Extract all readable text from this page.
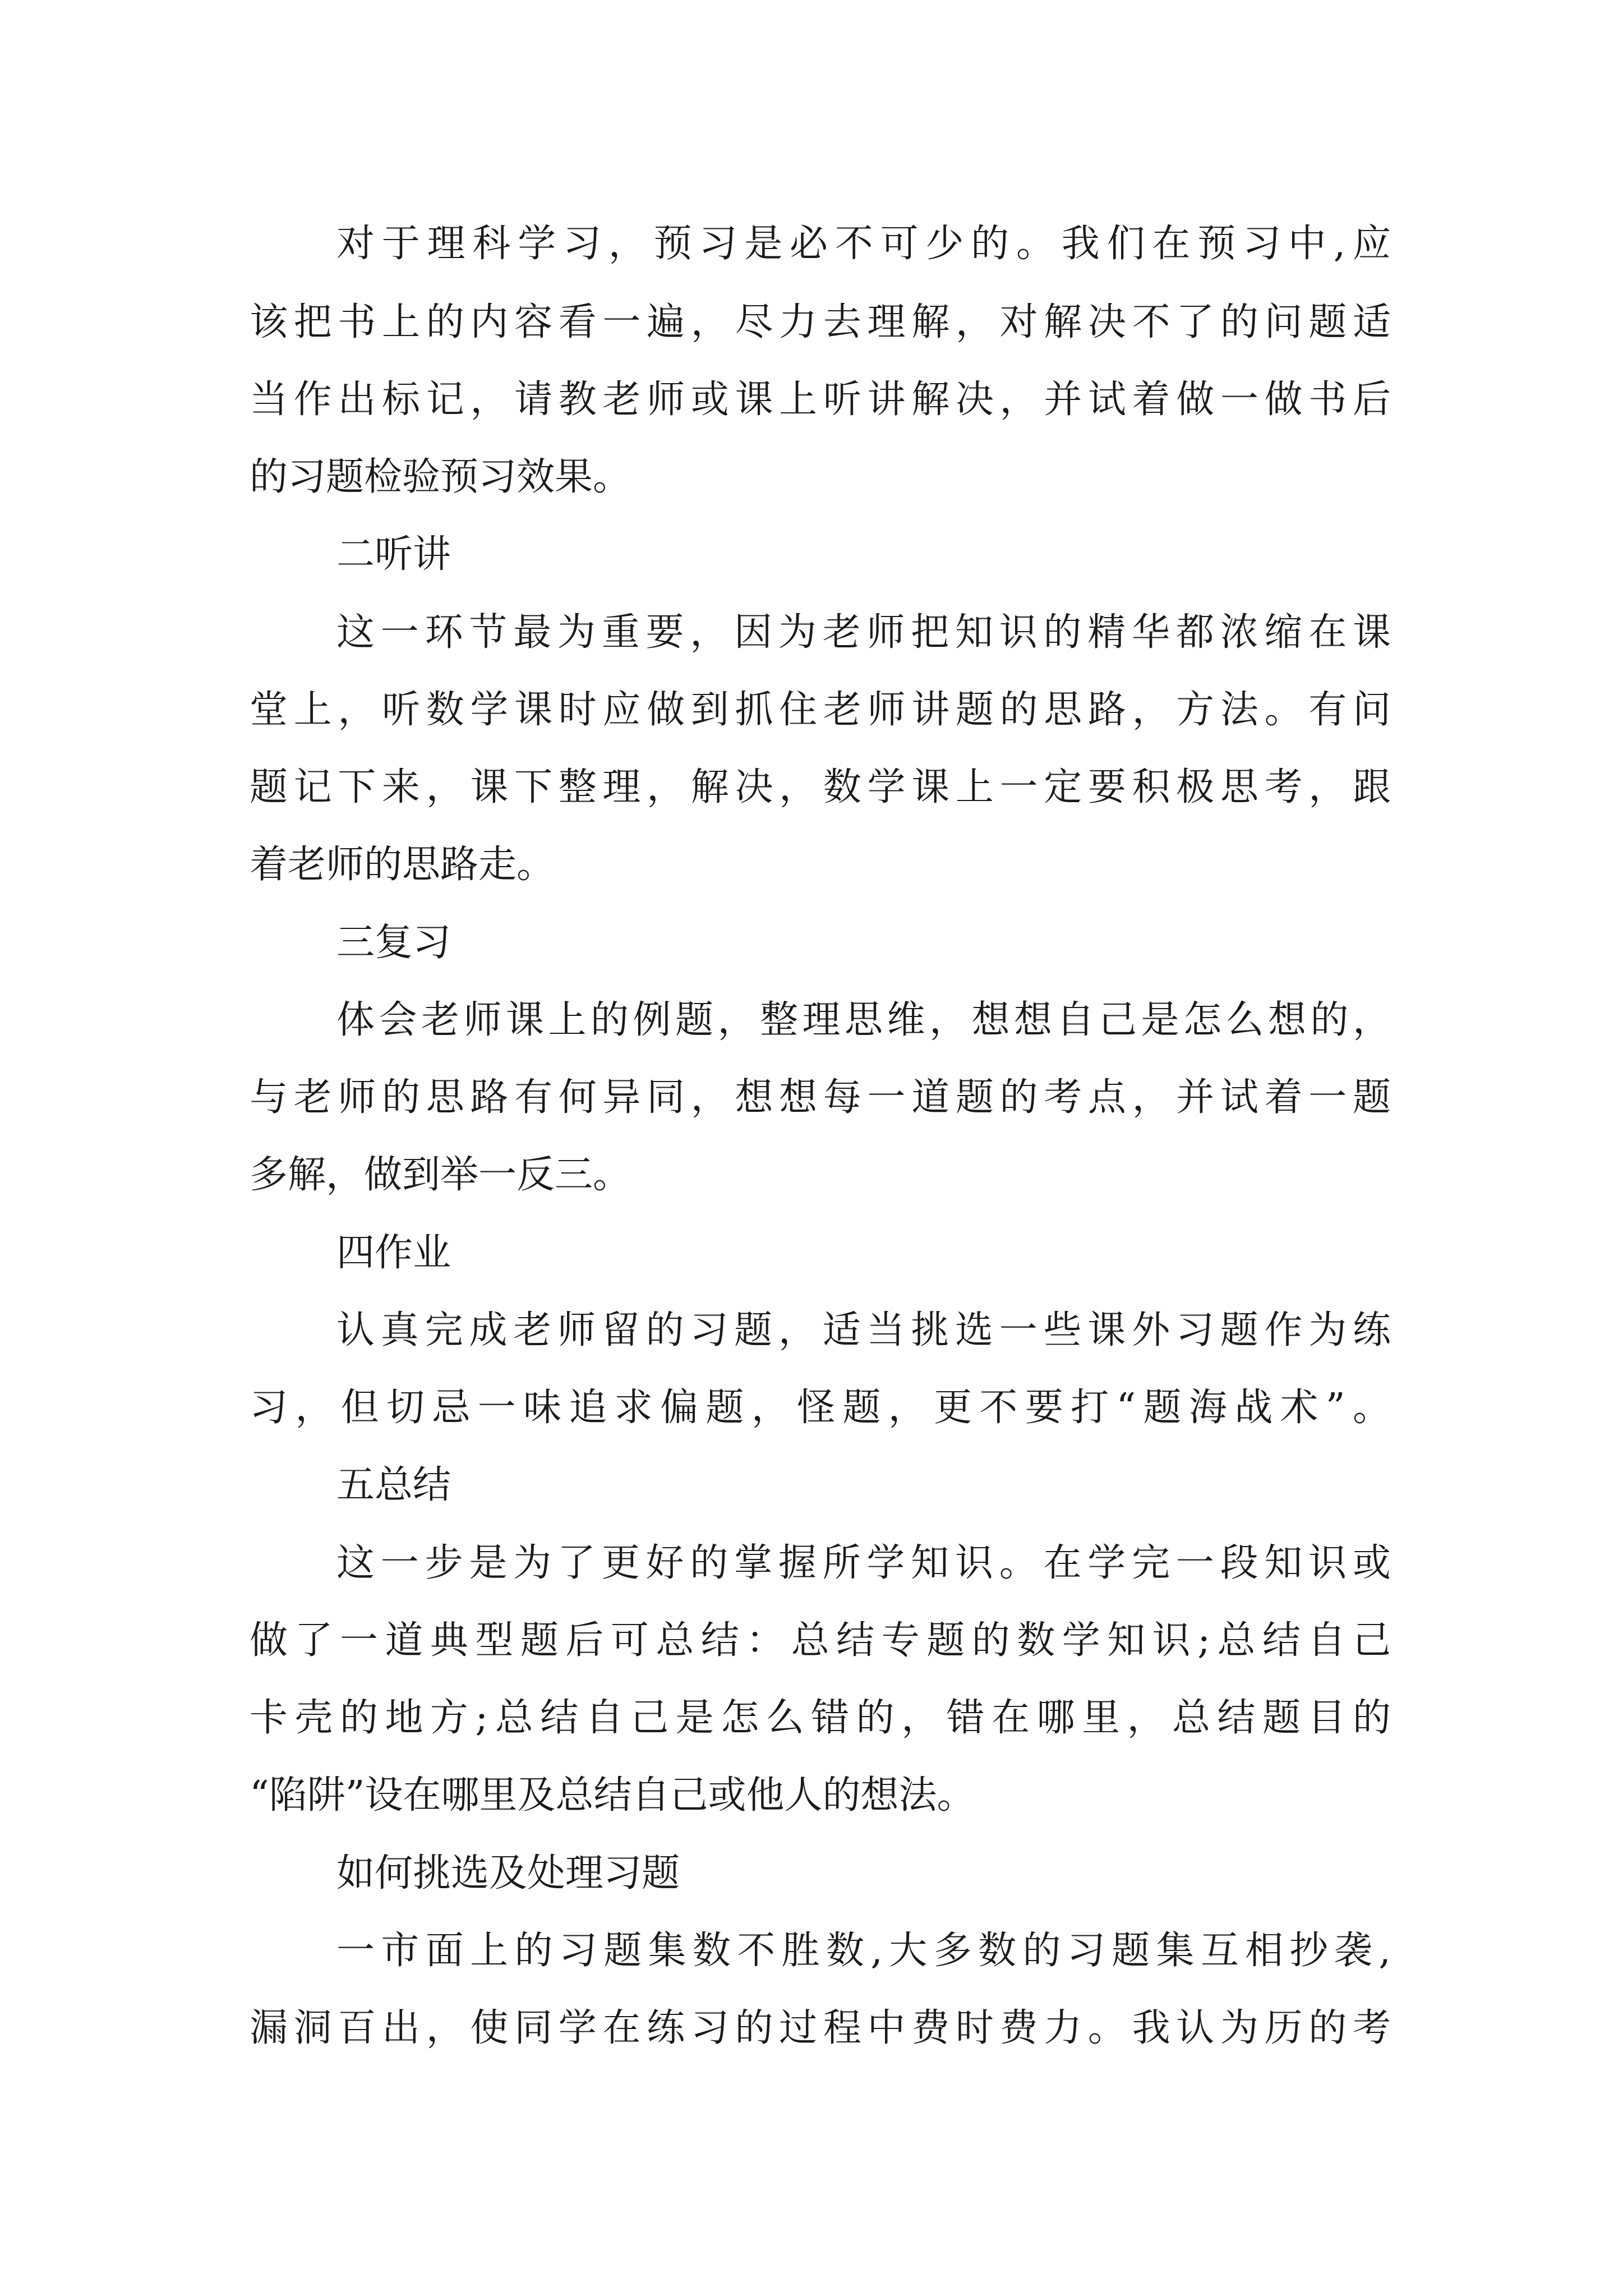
对于理科学习，预习是必不可少的。我们在预习中,应
该把书上的内容看一遍，尽力去理解，对解决不了的问题适
当作出标记，请教老师或课上听讲解决，并试着做一做书后
的习题检验预习效果。
二听讲
这一环节最为重要，因为老师把知识的精华都浓缩在课
堂上，听数学课时应做到抓住老师讲题的思路，方法。有问
题记下来，课下整理，解决，数学课上一定要积极思考，跟
着老师的思路走。
三复习
体会老师课上的例题，整理思维，想想自己是怎么想的，
与老师的思路有何异同，想想每一道题的考点，并试着一题
多解，做到举一反三。
四作业
认真完成老师留的习题，适当挑选一些课外习题作为练
习，但切忌一味追求偏题，怪题，更不要打“题海战术”。
五总结
这一步是为了更好的掌握所学知识。在学完一段知识或
做了一道典型题后可总结：总结专题的数学知识;总结自己
卡壳的地方;总结自己是怎么错的，错在哪里，总结题目的
“陷阱”设在哪里及总结自己或他人的想法。
如何挑选及处理习题
一市面上的习题集数不胜数,大多数的习题集互相抄袭,
漏洞百出，使同学在练习的过程中费时费力。我认为历的考
